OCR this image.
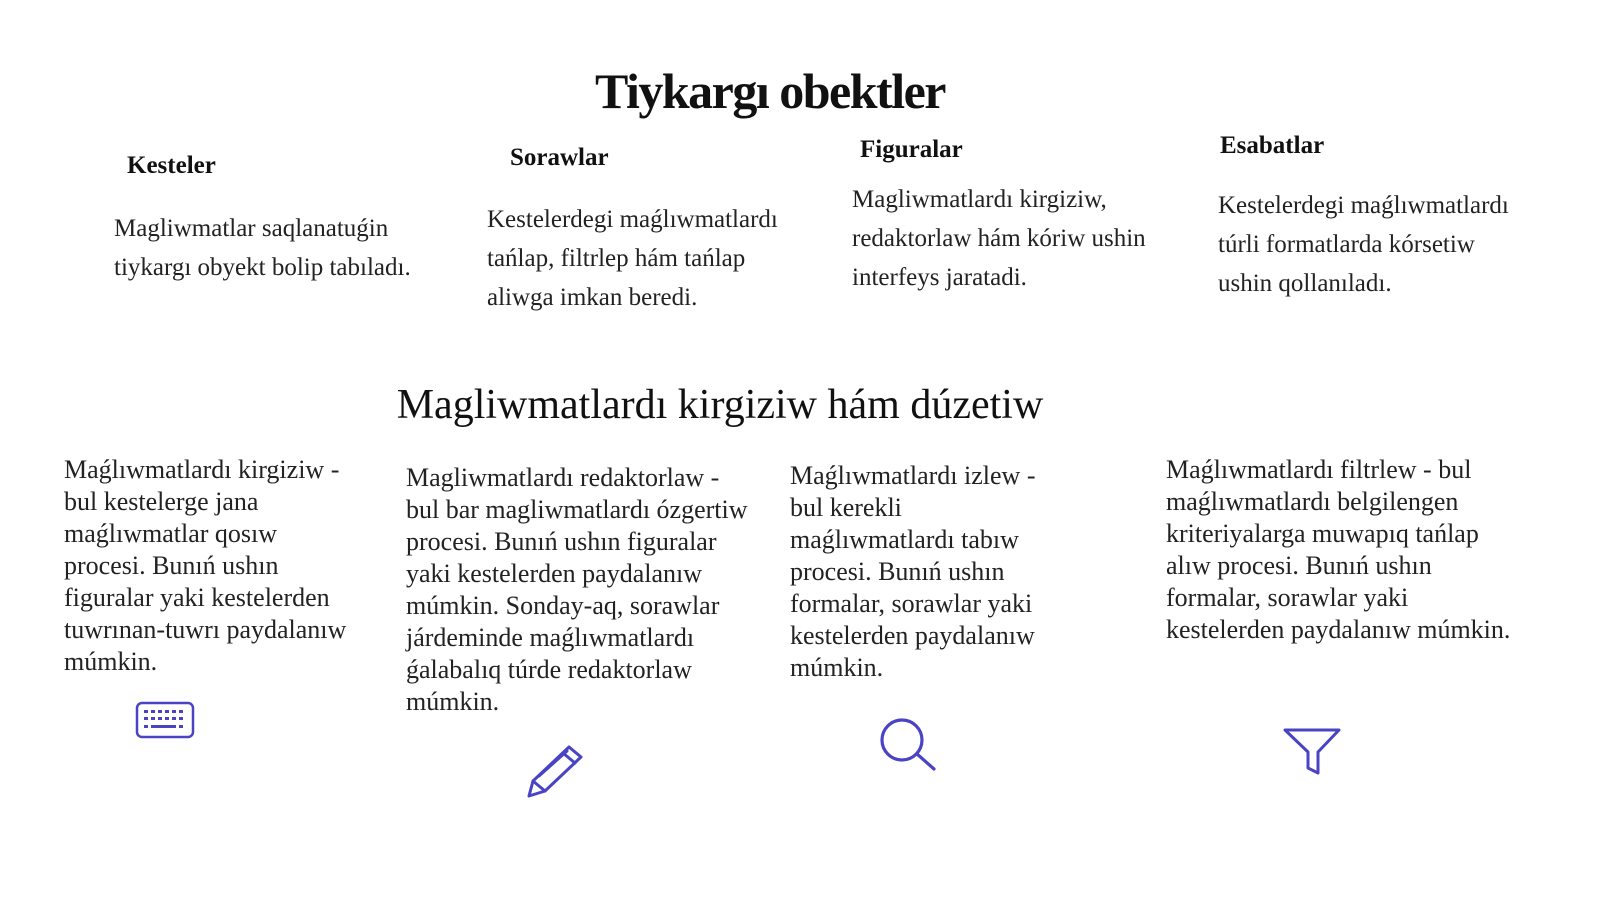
Tiykargı obektler
Kesteler	Sorawlar	Figuralar	Esabatlar
Magliwmatlar saqlanatuǵin tiykargı obyekt bolip tabıladı.
Kestelerdegi maǵlıwmatlardı tańlap, filtrlep hám tańlap aliwga imkan beredi.
Magliwmatlardı kirgiziw, redaktorlaw hám kóriw ushin interfeys jaratadi.
Kestelerdegi maǵlıwmatlardı túrli formatlarda kórsetiw ushin qollanıladı.
Magliwmatlardı kirgiziw hám dúzetiw
Maǵlıwmatlardı kirgiziw - bul kestelerge jana maǵlıwmatlar qosıw procesi. Bunıń ushın figuralar yaki kestelerden tuwrınan-tuwrı paydalanıw múmkin.
Magliwmatlardı redaktorlaw - bul bar magliwmatlardı ózgertiw procesi. Bunıń ushın figuralar yaki kestelerden paydalanıw múmkin. Sonday-aq, sorawlar járdeminde maǵlıwmatlardı ǵalabalıq túrde redaktorlaw múmkin.
Maǵlıwmatlardı izlew - bul kerekli maǵlıwmatlardı tabıw procesi. Bunıń ushın formalar, sorawlar yaki kestelerden paydalanıw múmkin.
Maǵlıwmatlardı filtrlew - bul maǵlıwmatlardı belgilengen kriteriyalarga muwapıq tańlap alıw procesi. Bunıń ushın formalar, sorawlar yaki kestelerden paydalanıw múmkin.
